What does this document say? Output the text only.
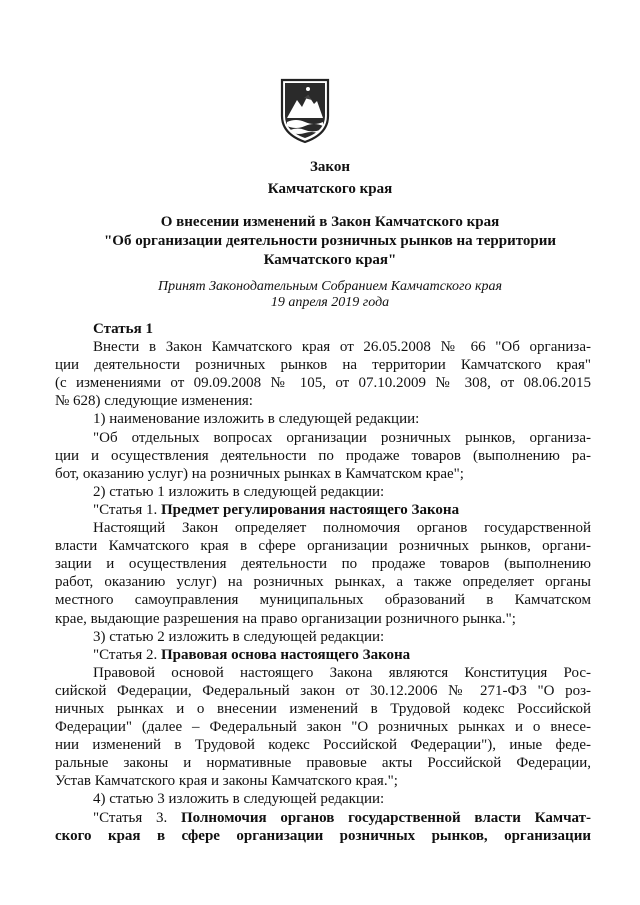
Закон
Камчатского края
О внесении изменений в Закон Камчатского края
"Об организации деятельности розничных рынков на территории
Камчатского края"
Принят Законодательным Собранием Камчатского края
19 апреля 2019 года

Статья 1

Внести в Закон Камчатского края от 26.05.2008 № 66 "Об организа-

ции деятельности розничных рынков на территории Камчатского края"

(с изменениями от 09.09.2008 № 105, от 07.10.2009 № 308, от 08.06.2015

№ 628) следующие изменения:

1) наименование изложить в следующей редакции:

"Об отдельных вопросах организации розничных рынков, организа-

ции и осуществления деятельности по продаже товаров (выполнению ра-

бот, оказанию услуг) на розничных рынках в Камчатском крае";

2) статью 1 изложить в следующей редакции:

"Статья 1. Предмет регулирования настоящего Закона

Настоящий Закон определяет полномочия органов государственной

власти Камчатского края в сфере организации розничных рынков, органи-

зации и осуществления деятельности по продаже товаров (выполнению

работ, оказанию услуг) на розничных рынках, а также определяет органы

местного самоуправления муниципальных образований в Камчатском

крае, выдающие разрешения на право организации розничного рынка.";

3) статью 2 изложить в следующей редакции:

"Статья 2. Правовая основа настоящего Закона

Правовой основой настоящего Закона являются Конституция Рос-

сийской Федерации, Федеральный закон от 30.12.2006 № 271-ФЗ "О роз-

ничных рынках и о внесении изменений в Трудовой кодекс Российской

Федерации" (далее – Федеральный закон "О розничных рынках и о внесе-

нии изменений в Трудовой кодекс Российской Федерации"), иные феде-

ральные законы и нормативные правовые акты Российской Федерации,

Устав Камчатского края и законы Камчатского края.";

4) статью 3 изложить в следующей редакции:

"Статья 3. Полномочия органов государственной власти Камчат-

ского края в сфере организации розничных рынков, организации
